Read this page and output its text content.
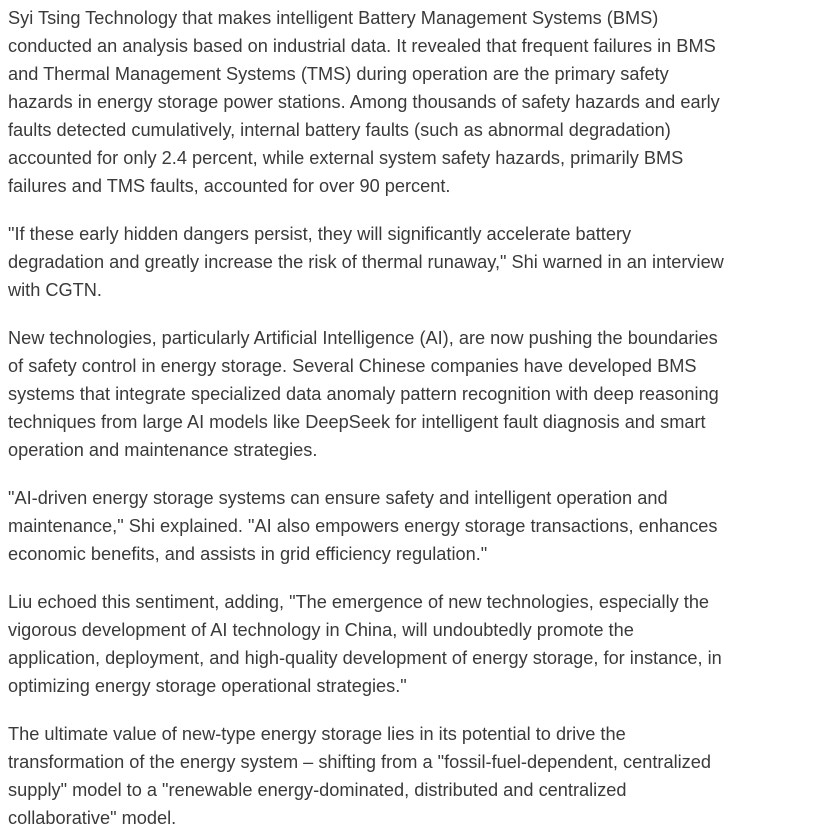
Syi Tsing Technology that makes intelligent Battery Management Systems (BMS)
conducted an analysis based on industrial data. It revealed that frequent failures in BMS
and Thermal Management Systems (TMS) during operation are the primary safety
hazards in energy storage power stations. Among thousands of safety hazards and early
faults detected cumulatively, internal battery faults (such as abnormal degradation)
accounted for only 2.4 percent, while external system safety hazards, primarily BMS
failures and TMS faults, accounted for over 90 percent.

"If these early hidden dangers persist, they will significantly accelerate battery
degradation and greatly increase the risk of thermal runaway," Shi warned in an interview
with CGTN.

New technologies, particularly Artificial Intelligence (AI), are now pushing the boundaries
of safety control in energy storage. Several Chinese companies have developed BMS
systems that integrate specialized data anomaly pattern recognition with deep reasoning
techniques from large AI models like DeepSeek for intelligent fault diagnosis and smart
operation and maintenance strategies.

"AI-driven energy storage systems can ensure safety and intelligent operation and
maintenance," Shi explained. "AI also empowers energy storage transactions, enhances
economic benefits, and assists in grid efficiency regulation."

Liu echoed this sentiment, adding, "The emergence of new technologies, especially the
vigorous development of AI technology in China, will undoubtedly promote the
application, deployment, and high-quality development of energy storage, for instance, in
optimizing energy storage operational strategies."

The ultimate value of new-type energy storage lies in its potential to drive the
transformation of the energy system – shifting from a "fossil-fuel-dependent, centralized
supply" model to a "renewable energy-dominated, distributed and centralized
collaborative" model.
